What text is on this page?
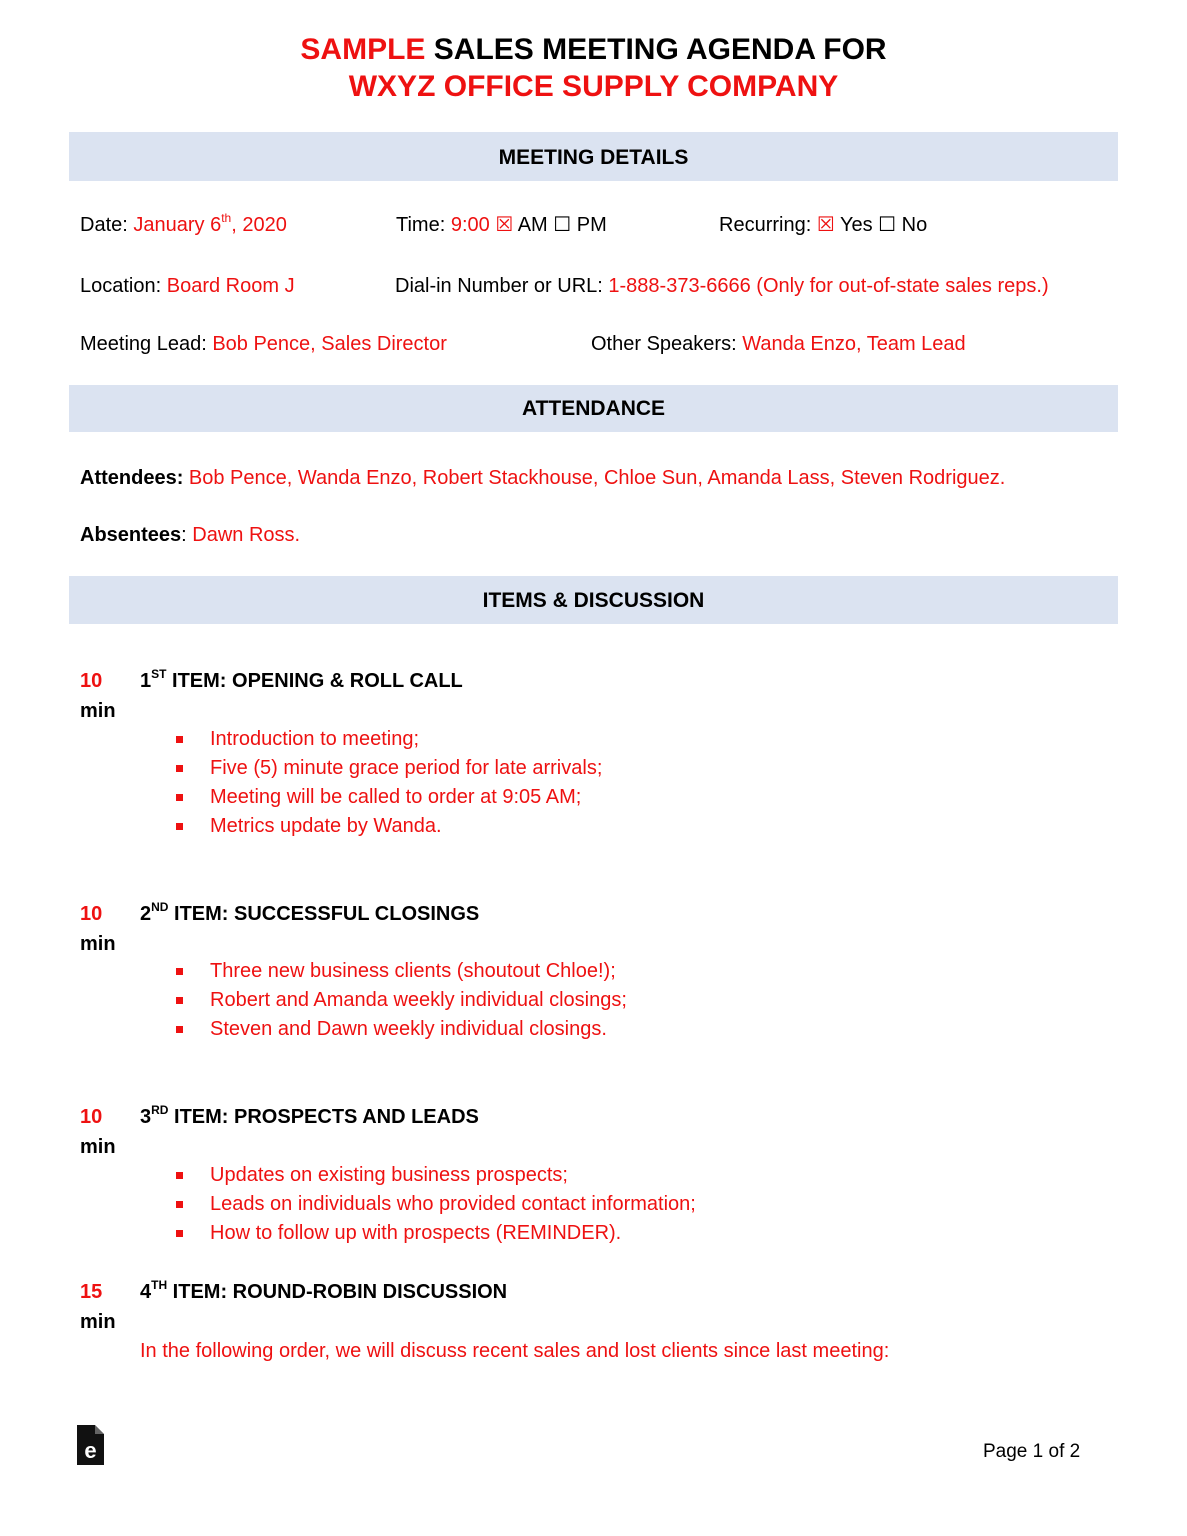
SAMPLE SALES MEETING AGENDA FOR
WXYZ OFFICE SUPPLY COMPANY
MEETING DETAILS
Date: January 6th, 2020	Time: 9:00 ☒ AM ☐ PM	Recurring: ☒ Yes ☐ No
Location: Board Room J	Dial-in Number or URL: 1-888-373-6666 (Only for out-of-state sales reps.)
Meeting Lead: Bob Pence, Sales Director	Other Speakers: Wanda Enzo, Team Lead
ATTENDANCE
Attendees: Bob Pence, Wanda Enzo, Robert Stackhouse, Chloe Sun, Amanda Lass, Steven Rodriguez.
Absentees: Dawn Ross.
ITEMS & DISCUSSION
10
min
1ST ITEM: OPENING & ROLL CALL
Introduction to meeting;
Five (5) minute grace period for late arrivals;
Meeting will be called to order at 9:05 AM;
Metrics update by Wanda.
10
min
2ND ITEM: SUCCESSFUL CLOSINGS
Three new business clients (shoutout Chloe!);
Robert and Amanda weekly individual closings;
Steven and Dawn weekly individual closings.
10
min
3RD ITEM: PROSPECTS AND LEADS
Updates on existing business prospects;
Leads on individuals who provided contact information;
How to follow up with prospects (REMINDER).
15
min
4TH ITEM: ROUND-ROBIN DISCUSSION
In the following order, we will discuss recent sales and lost clients since last meeting:
e	Page 1 of 2
